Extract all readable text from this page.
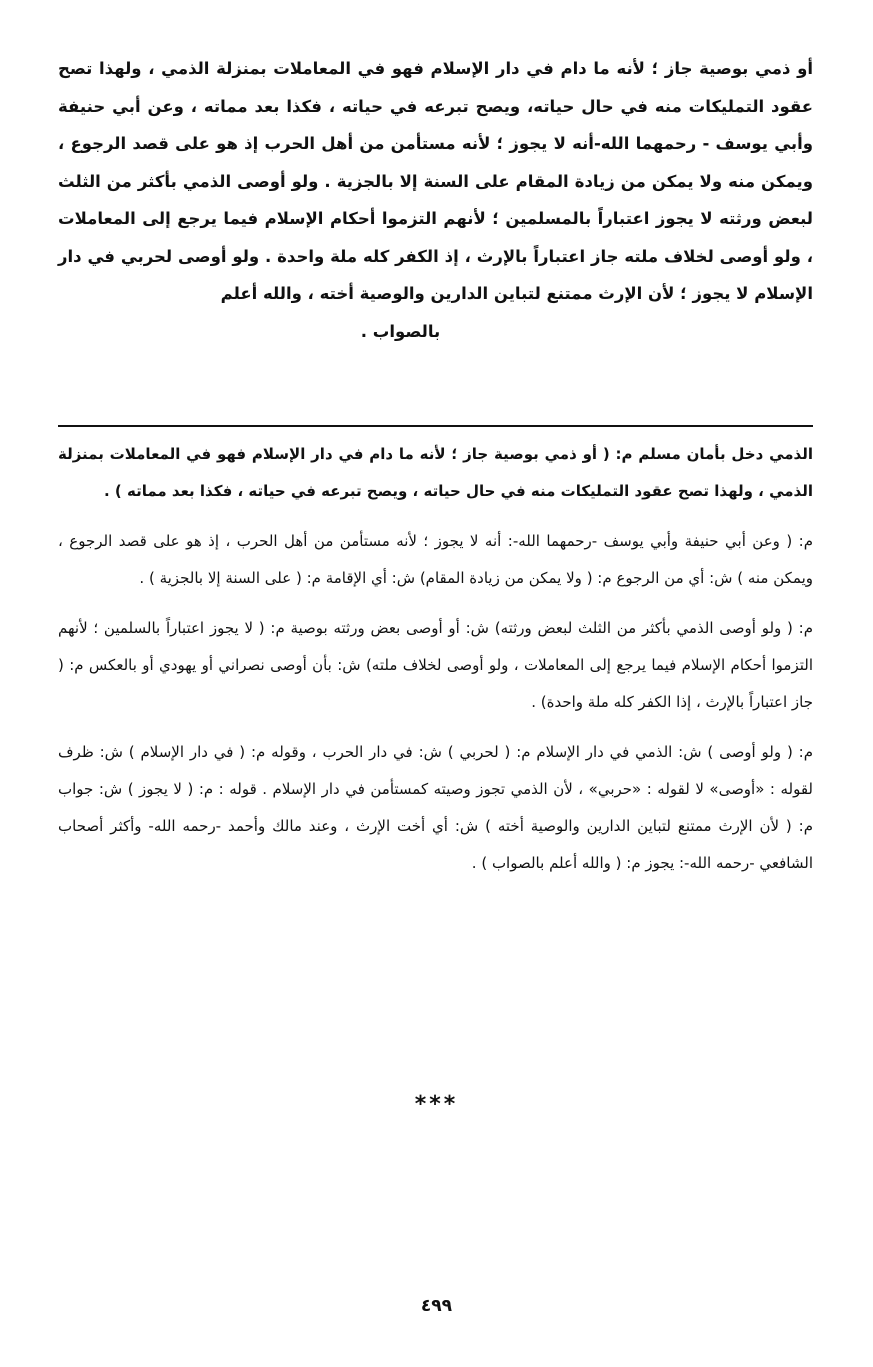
أو ذمي بوصية جاز ؛ لأنه ما دام في دار الإسلام فهو في المعاملات بمنزلة الذمي ، ولهذا تصح عقود التمليكات منه في حال حياته، ويصح تبرعه في حياته ، فكذا بعد مماته ، وعن أبي حنيفة وأبي يوسف - رحمهما الله-أنه لا يجوز ؛ لأنه مستأمن من أهل الحرب إذ هو على قصد الرجوع ، ويمكن منه ولا يمكن من زيادة المقام على السنة إلا بالجزية . ولو أوصى الذمي بأكثر من الثلث لبعض ورثته لا يجوز اعتباراً بالمسلمين ؛ لأنهم التزموا أحكام الإسلام فيما يرجع إلى المعاملات ، ولو أوصى لخلاف ملته جاز اعتباراً بالإرث ، إذ الكفر كله ملة واحدة . ولو أوصى لحربي في دار الإسلام لا يجوز ؛ لأن الإرث ممتنع لتباين الدارين والوصية أخته ، والله أعلم

بالصواب .

الذمي دخل بأمان مسلم م: ( أو ذمي بوصية جاز ؛ لأنه ما دام في دار الإسلام فهو في المعاملات بمنزلة الذمي ، ولهذا تصح عقود التمليكات منه في حال حياته ، ويصح تبرعه في حياته ، فكذا بعد مماته ) .

م: ( وعن أبي حنيفة وأبي يوسف -رحمهما الله-: أنه لا يجوز ؛ لأنه مستأمن من أهل الحرب ، إذ هو على قصد الرجوع ، ويمكن منه ) ش: أي من الرجوع م: ( ولا يمكن من زيادة المقام) ش: أي الإقامة م: ( على السنة إلا بالجزية ) .

م: ( ولو أوصى الذمي بأكثر من الثلث لبعض ورثته) ش: أو أوصى بعض ورثته بوصية م: ( لا يجوز اعتباراً بالسلمين ؛ لأنهم التزموا أحكام الإسلام فيما يرجع إلى المعاملات ، ولو أوصى لخلاف ملته) ش: بأن أوصى نصراني أو يهودي أو بالعكس م: ( جاز اعتباراً بالإرث ، إذا الكفر كله ملة واحدة) .

م: ( ولو أوصى ) ش: الذمي في دار الإسلام م: ( لحربي ) ش: في دار الحرب ، وقوله م: ( في دار الإسلام ) ش: ظرف لقوله : «أوصى» لا لقوله : «حربي» ، لأن الذمي تجوز وصيته كمستأمن في دار الإسلام . قوله : م: ( لا يجوز ) ش: جواب م: ( لأن الإرث ممتنع لتباين الدارين والوصية أخته ) ش: أي أخت الإرث ، وعند مالك وأحمد -رحمه الله- وأكثر أصحاب الشافعي -رحمه الله-: يجوز م: ( والله أعلم بالصواب ) .

***
٤٩٩
